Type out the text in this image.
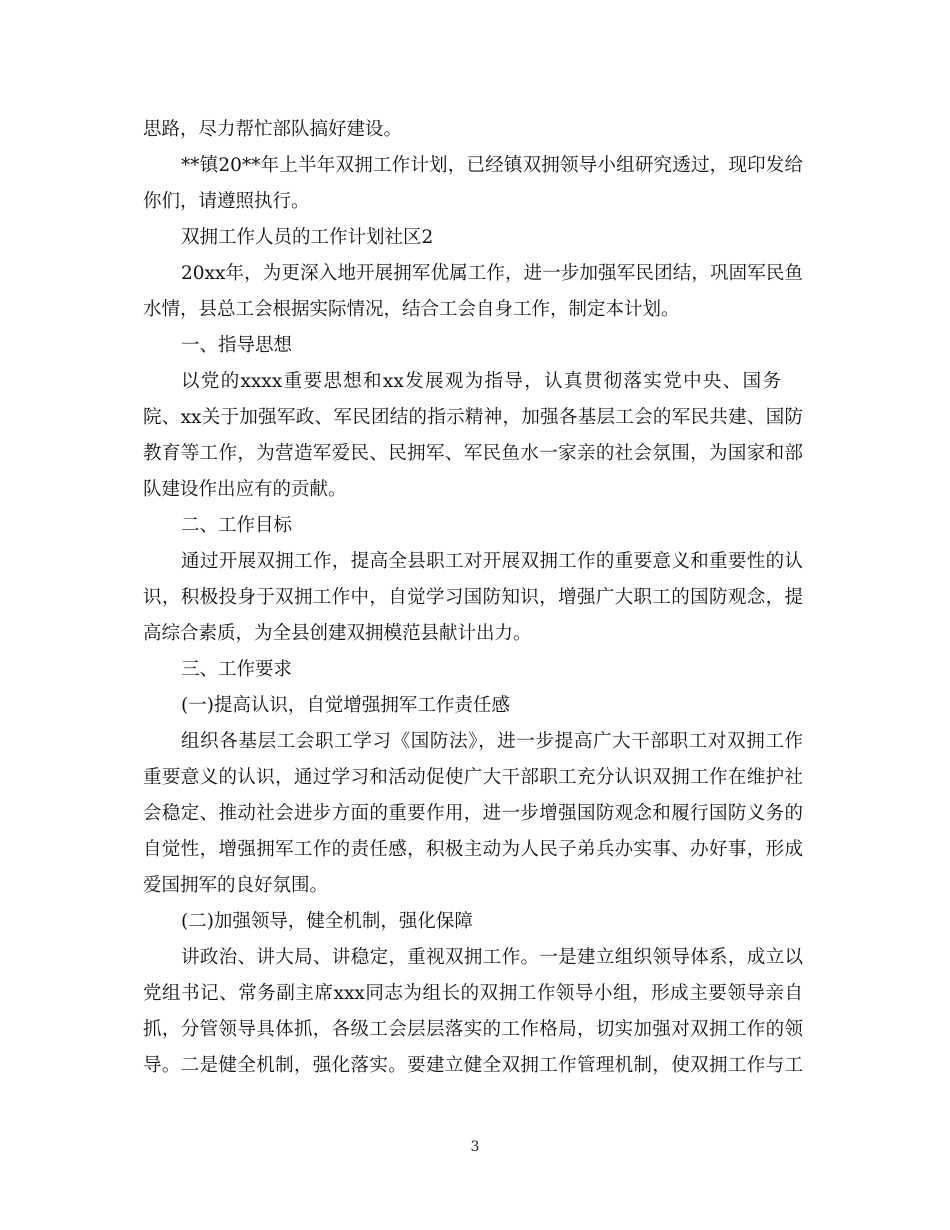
思路，尽力帮忙部队搞好建设。
**镇20**年上半年双拥工作计划，已经镇双拥领导小组研究透过，现印发给
你们，请遵照执行。
双拥工作人员的工作计划社区2
20xx年，为更深入地开展拥军优属工作，进一步加强军民团结，巩固军民鱼
水情，县总工会根据实际情况，结合工会自身工作，制定本计划。
一、指导思想
以党的xxxx重要思想和xx发展观为指导，认真贯彻落实党中央、国务
院、xx关于加强军政、军民团结的指示精神，加强各基层工会的军民共建、国防
教育等工作，为营造军爱民、民拥军、军民鱼水一家亲的社会氛围，为国家和部
队建设作出应有的贡献。
二、工作目标
通过开展双拥工作，提高全县职工对开展双拥工作的重要意义和重要性的认
识，积极投身于双拥工作中，自觉学习国防知识，增强广大职工的国防观念，提
高综合素质，为全县创建双拥模范县献计出力。
三、工作要求
(一)提高认识，自觉增强拥军工作责任感
组织各基层工会职工学习《国防法》，进一步提高广大干部职工对双拥工作
重要意义的认识，通过学习和活动促使广大干部职工充分认识双拥工作在维护社
会稳定、推动社会进步方面的重要作用，进一步增强国防观念和履行国防义务的
自觉性，增强拥军工作的责任感，积极主动为人民子弟兵办实事、办好事，形成
爱国拥军的良好氛围。
(二)加强领导，健全机制，强化保障
讲政治、讲大局、讲稳定，重视双拥工作。一是建立组织领导体系，成立以
党组书记、常务副主席xxx同志为组长的双拥工作领导小组，形成主要领导亲自
抓，分管领导具体抓，各级工会层层落实的工作格局，切实加强对双拥工作的领
导。二是健全机制，强化落实。要建立健全双拥工作管理机制，使双拥工作与工
3
